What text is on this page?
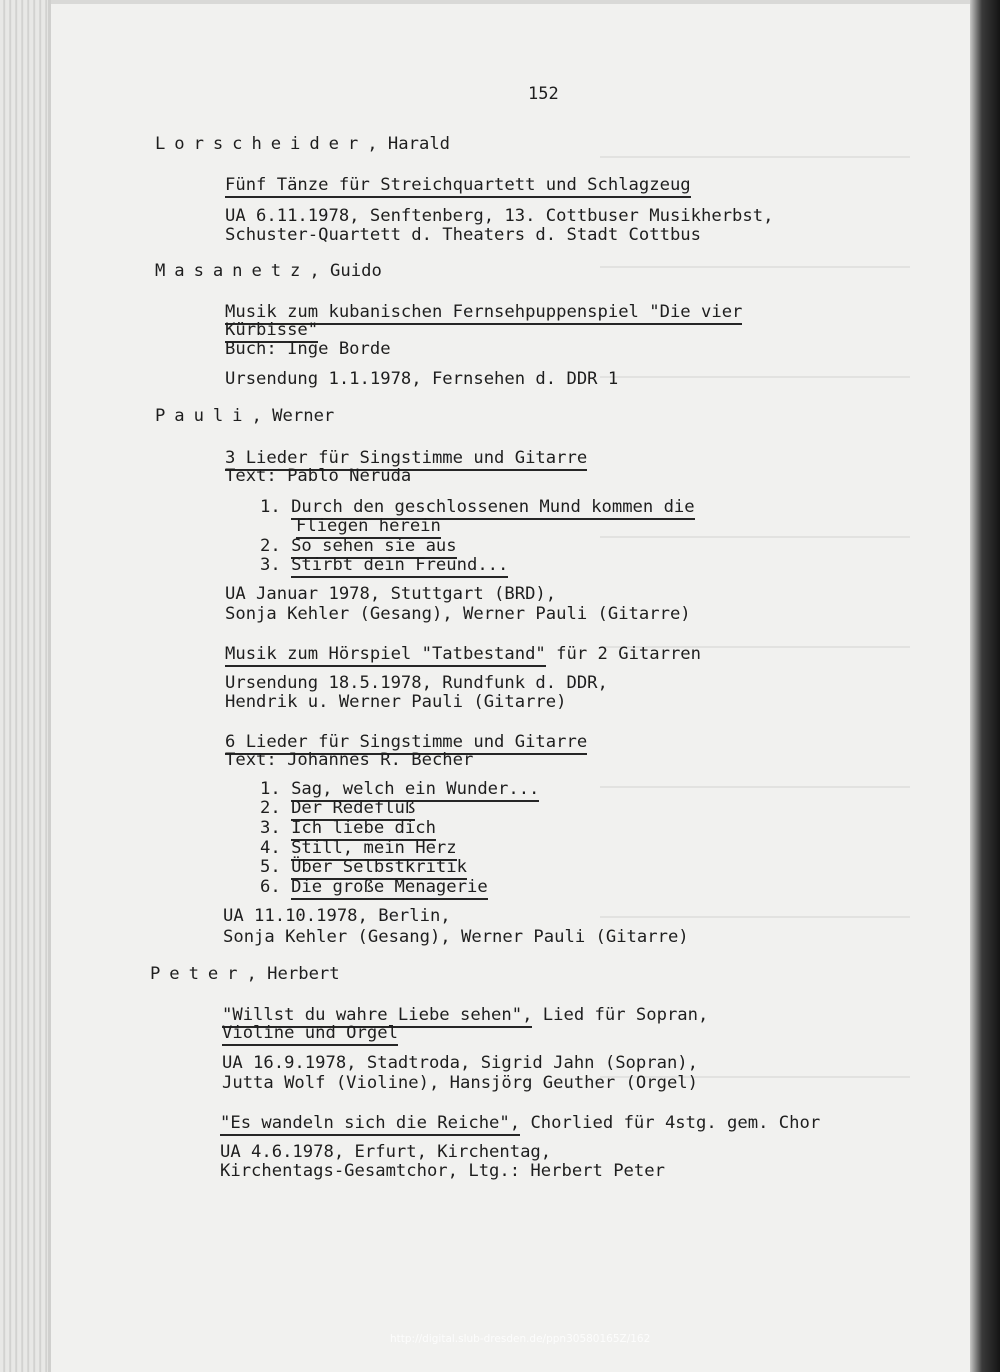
152
Lorscheider, Harald
Fünf Tänze für Streichquartett und Schlagzeug
UA 6.11.1978, Senftenberg, 13. Cottbuser Musikherbst,
Schuster-Quartett d. Theaters d. Stadt Cottbus
Masanetz, Guido
Musik zum kubanischen Fernsehpuppenspiel "Die vier
Kürbisse"
Buch: Inge Borde
Ursendung 1.1.1978, Fernsehen d. DDR 1
Pauli, Werner
3 Lieder für Singstimme und Gitarre
Text: Pablo Neruda
1. Durch den geschlossenen Mund kommen die
Fliegen herein
2. So sehen sie aus
3. Stirbt dein Freund...
UA Januar 1978, Stuttgart (BRD),
Sonja Kehler (Gesang), Werner Pauli (Gitarre)
Musik zum Hörspiel "Tatbestand" für 2 Gitarren
Ursendung 18.5.1978, Rundfunk d. DDR,
Hendrik u. Werner Pauli (Gitarre)
6 Lieder für Singstimme und Gitarre
Text: Johannes R. Becher
1. Sag, welch ein Wunder...
2. Der Redefluß
3. Ich liebe dich
4. Still, mein Herz
5. Über Selbstkritik
6. Die große Menagerie
UA 11.10.1978, Berlin,
Sonja Kehler (Gesang), Werner Pauli (Gitarre)
Peter, Herbert
"Willst du wahre Liebe sehen", Lied für Sopran,
Violine und Orgel
UA 16.9.1978, Stadtroda, Sigrid Jahn (Sopran),
Jutta Wolf (Violine), Hansjörg Geuther (Orgel)
"Es wandeln sich die Reiche", Chorlied für 4stg. gem. Chor
UA 4.6.1978, Erfurt, Kirchentag,
Kirchentags-Gesamtchor, Ltg.: Herbert Peter
http://digital.slub-dresden.de/ppn30580165Z/162
